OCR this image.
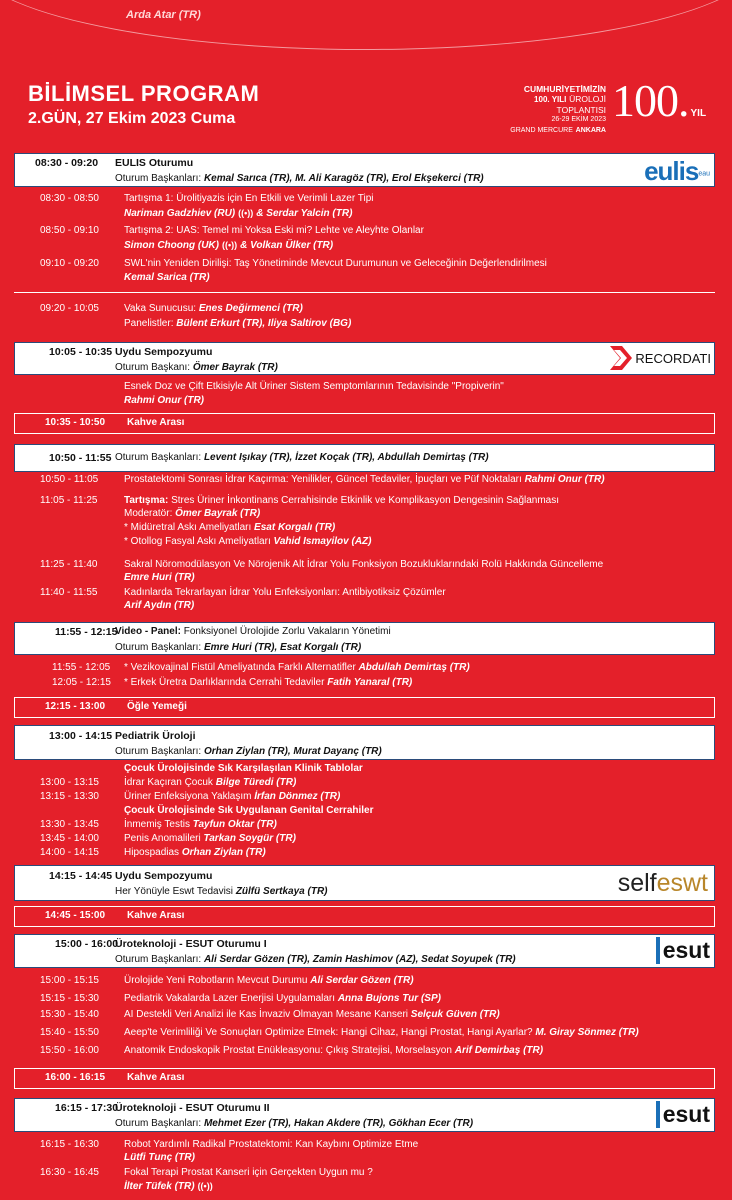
Arda Atar (TR)
BİLİMSEL PROGRAM
2.GÜN, 27 Ekim 2023 Cuma
CUMHURİYETİMİZİN
100. YILI ÜROLOJİ
TOPLANTISI
26-29 EKİM 2023
GRAND MERCURE ANKARA
100. YIL
08:30 - 09:20 EULIS Oturumu
Oturum Başkanları: Kemal Sarıca (TR), M. Ali Karagöz (TR), Erol Ekşekerci (TR)	eulis$^{eau}$
08:30 - 08:50	Tartışma 1: Ürolitiyazis için En Etkili ve Verimli Lazer Tipi
Nariman Gadzhiev (RU) ((•)) & Serdar Yalcin (TR)
08:50 - 09:10	Tartışma 2: UAS: Temel mi Yoksa Eski mi? Lehte ve Aleyhte Olanlar
Simon Choong (UK) ((•)) & Volkan Ülker (TR)
09:10 - 09:20	SWL'nin Yeniden Dirilişi: Taş Yönetiminde Mevcut Durumunun ve Geleceğinin Değerlendirilmesi
Kemal Sarica (TR)
09:20 - 10:05	Vaka Sunucusu: Enes Değirmenci (TR)
Panelistler: Bülent Erkurt (TR), Iliya Saltirov (BG)
10:05 - 10:35 Uydu Sempozyumu
Oturum Başkanı: Ömer Bayrak (TR)
RECORDATI
Esnek Doz ve Çift Etkisiyle Alt Üriner Sistem Semptomlarının Tedavisinde "Propiverin"
Rahmi Onur (TR)
10:35 - 10:50 Kahve Arası
10:50 - 11:55 Oturum Başkanları: Levent Işıkay (TR), İzzet Koçak (TR), Abdullah Demirtaş (TR)
10:50 - 11:05	Prostatektomi Sonrası İdrar Kaçırma: Yenilikler, Güncel Tedaviler, İpuçları ve Püf Noktaları Rahmi Onur (TR)
11:05 - 11:25	Tartışma: Stres Üriner İnkontinans Cerrahisinde Etkinlik ve Komplikasyon Dengesinin Sağlanması
Moderatör: Ömer Bayrak (TR)
* Midüretral Askı Ameliyatları Esat Korgalı (TR)
* Otollog Fasyal Askı Ameliyatları Vahid Ismayilov (AZ)
11:25 - 11:40	Sakral Nöromodülasyon Ve Nörojenik Alt İdrar Yolu Fonksiyon Bozukluklarındaki Rolü Hakkında Güncelleme
Emre Huri (TR)
11:40 - 11:55	Kadınlarda Tekrarlayan İdrar Yolu Enfeksiyonları: Antibiyotiksiz Çözümler
Arif Aydın (TR)
11:55 - 12:15
Video - Panel: Fonksiyonel Ürolojide Zorlu Vakaların Yönetimi
Oturum Başkanları: Emre Huri (TR), Esat Korgalı (TR)
11:55 - 12:05 * Vezikovajinal Fistül Ameliyatında Farklı Alternatifler Abdullah Demirtaş (TR)
12:05 - 12:15 * Erkek Üretra Darlıklarında Cerrahi Tedaviler Fatih Yanaral (TR)
12:15 - 13:00 Öğle Yemeği
13:00 - 14:15 Pediatrik Üroloji
Oturum Başkanları: Orhan Ziylan (TR), Murat Dayanç (TR)
Çocuk Ürolojisinde Sık Karşılaşılan Klinik Tablolar
13:00 - 13:15	İdrar Kaçıran Çocuk Bilge Türedi (TR)
13:15 - 13:30	Üriner Enfeksiyona Yaklaşım İrfan Dönmez (TR)
Çocuk Ürolojisinde Sık Uygulanan Genital Cerrahiler
13:30 - 13:45	İnmemiş Testis Tayfun Oktar (TR)
13:45 - 14:00	Penis Anomalileri Tarkan Soygür (TR)
14:00 - 14:15	Hipospadias Orhan Ziylan (TR)
14:15 - 14:45 Uydu Sempozyumu
Her Yönüyle Eswt Tedavisi Zülfü Sertkaya (TR)	selfeswt
14:45 - 15:00 Kahve Arası
15:00 - 16:00
Üroteknoloji - ESUT Oturumu I
Oturum Başkanları: Ali Serdar Gözen (TR), Zamin Hashimov (AZ), Sedat Soyupek (TR)	esut
15:00 - 15:15	Ürolojide Yeni Robotların Mevcut Durumu Ali Serdar Gözen (TR)
15:15 - 15:30	Pediatrik Vakalarda Lazer Enerjisi Uygulamaları Anna Bujons Tur (SP)
15:30 - 15:40	AI Destekli Veri Analizi ile Kas İnvaziv Olmayan Mesane Kanseri Selçuk Güven (TR)
15:40 - 15:50	Aeep'te Verimliliği Ve Sonuçları Optimize Etmek: Hangi Cihaz, Hangi Prostat, Hangi Ayarlar? M. Giray Sönmez (TR)
15:50 - 16:00	Anatomik Endoskopik Prostat Enükleasyonu: Çıkış Stratejisi, Morselasyon Arif Demirbaş (TR)
16:00 - 16:15 Kahve Arası
16:15 - 17:30
Üroteknoloji - ESUT Oturumu II
Oturum Başkanları: Mehmet Ezer (TR), Hakan Akdere (TR), Gökhan Ecer (TR)	esut
16:15 - 16:30	Robot Yardımlı Radikal Prostatektomi: Kan Kaybını Optimize Etme
Lütfi Tunç (TR)
16:30 - 16:45	Fokal Terapi Prostat Kanseri için Gerçekten Uygun mu ?
İlter Tüfek (TR) ((•))
